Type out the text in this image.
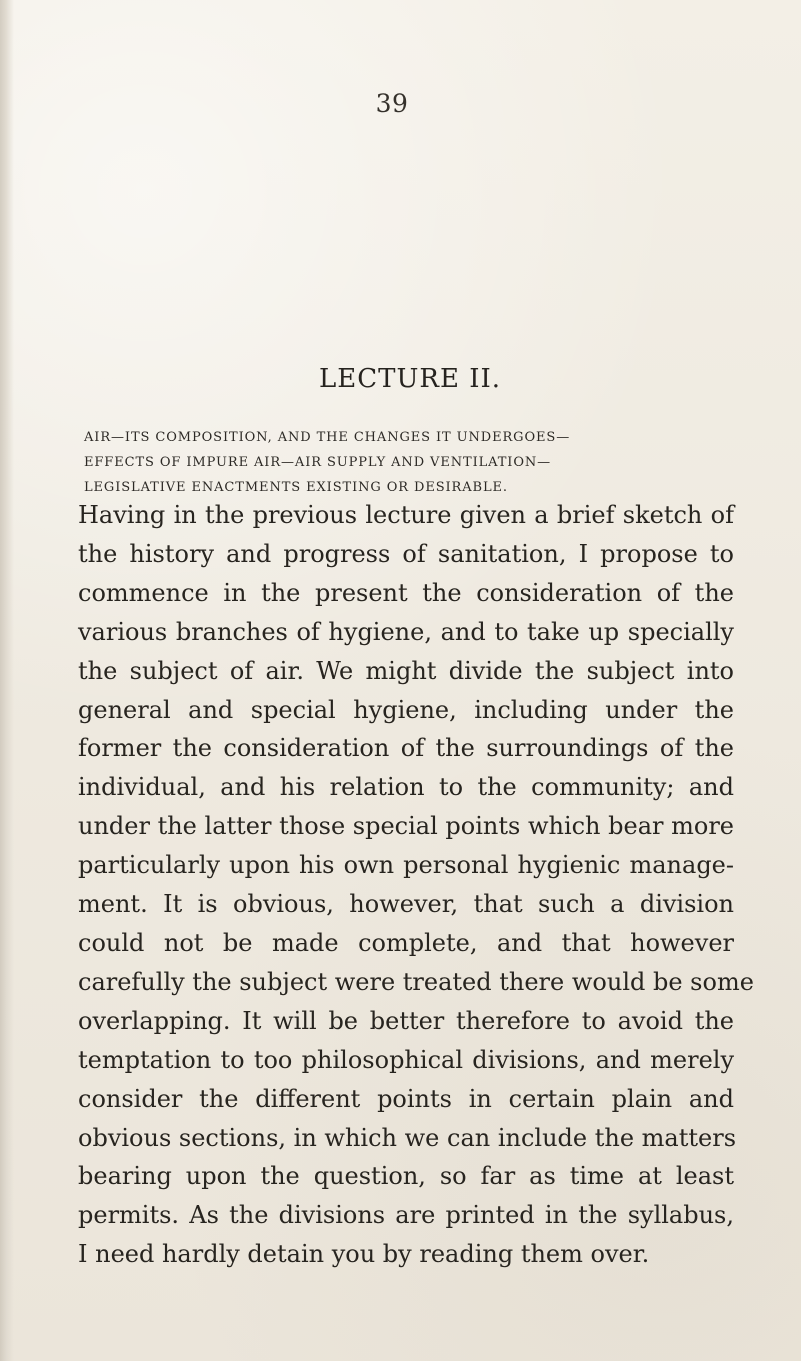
39
LECTURE II.
AIR—ITS COMPOSITION, AND THE CHANGES IT UNDERGOES—
EFFECTS OF IMPURE AIR—AIR SUPPLY AND VENTILATION—
LEGISLATIVE ENACTMENTS EXISTING OR DESIRABLE.
Having in the previous lecture given a brief sketch of
the history and progress of sanitation, I propose to
commence in the present the consideration of the
various branches of hygiene, and to take up specially
the subject of air. We might divide the subject into
general and special hygiene, including under the
former the consideration of the surroundings of the
individual, and his relation to the community; and
under the latter those special points which bear more
particularly upon his own personal hygienic manage-
ment. It is obvious, however, that such a division
could not be made complete, and that however
carefully the subject were treated there would be some
overlapping. It will be better therefore to avoid the
temptation to too philosophical divisions, and merely
consider the different points in certain plain and
obvious sections, in which we can include the matters
bearing upon the question, so far as time at least
permits. As the divisions are printed in the syllabus,
I need hardly detain you by reading them over.
